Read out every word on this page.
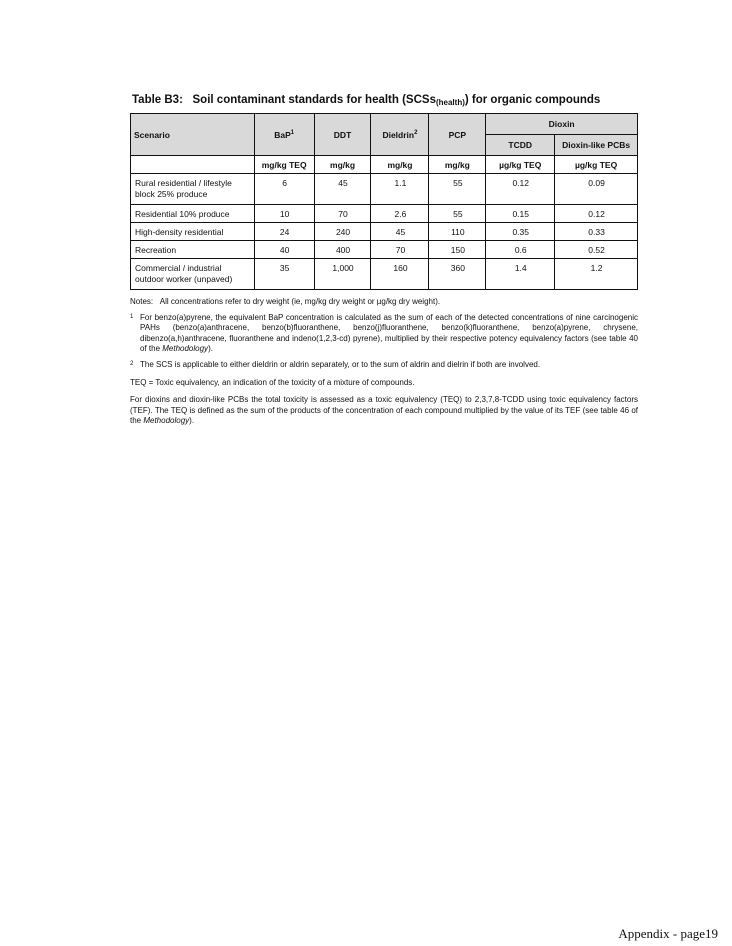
Table B3: Soil contaminant standards for health (SCSs(health)) for organic compounds
Scenario	BaP$^1$	DDT	Dieldrin$^2$	PCP	Dioxin	
					TCDD	Dioxin-like PCBs
	mg/kg TEQ	mg/kg	mg/kg	mg/kg	µg/kg TEQ	µg/kg TEQ
Rural residential / lifestyle block 25% produce	6	45	1.1	55	0.12	0.09
Residential 10% produce	10	70	2.6	55	0.15	0.12
High-density residential	24	240	45	110	0.35	0.33
Recreation	40	400	70	150	0.6	0.52
Commercial / industrial outdoor worker (unpaved)	35	1,000	160	360	1.4	1.2

Notes: All concentrations refer to dry weight (ie, mg/kg dry weight or µg/kg dry weight).

1 For benzo(a)pyrene, the equivalent BaP concentration is calculated as the sum of each of the detected concentrations of nine carcinogenic PAHs (benzo(a)anthracene, benzo(b)fluoranthene, benzo(j)fluoranthene, benzo(k)fluoranthene, benzo(a)pyrene, chrysene, dibenzo(a,h)anthracene, fluoranthene and indeno(1,2,3-cd) pyrene), multiplied by their respective potency equivalency factors (see table 40 of the Methodology).
2 The SCS is applicable to either dieldrin or aldrin separately, or to the sum of aldrin and dielrin if both are involved.

TEQ = Toxic equivalency, an indication of the toxicity of a mixture of compounds.

For dioxins and dioxin-like PCBs the total toxicity is assessed as a toxic equivalency (TEQ) to 2,3,7,8-TCDD using toxic equivalency factors (TEF). The TEQ is defined as the sum of the products of the concentration of each compound multiplied by the value of its TEF (see table 46 of the Methodology).

Appendix - page19
